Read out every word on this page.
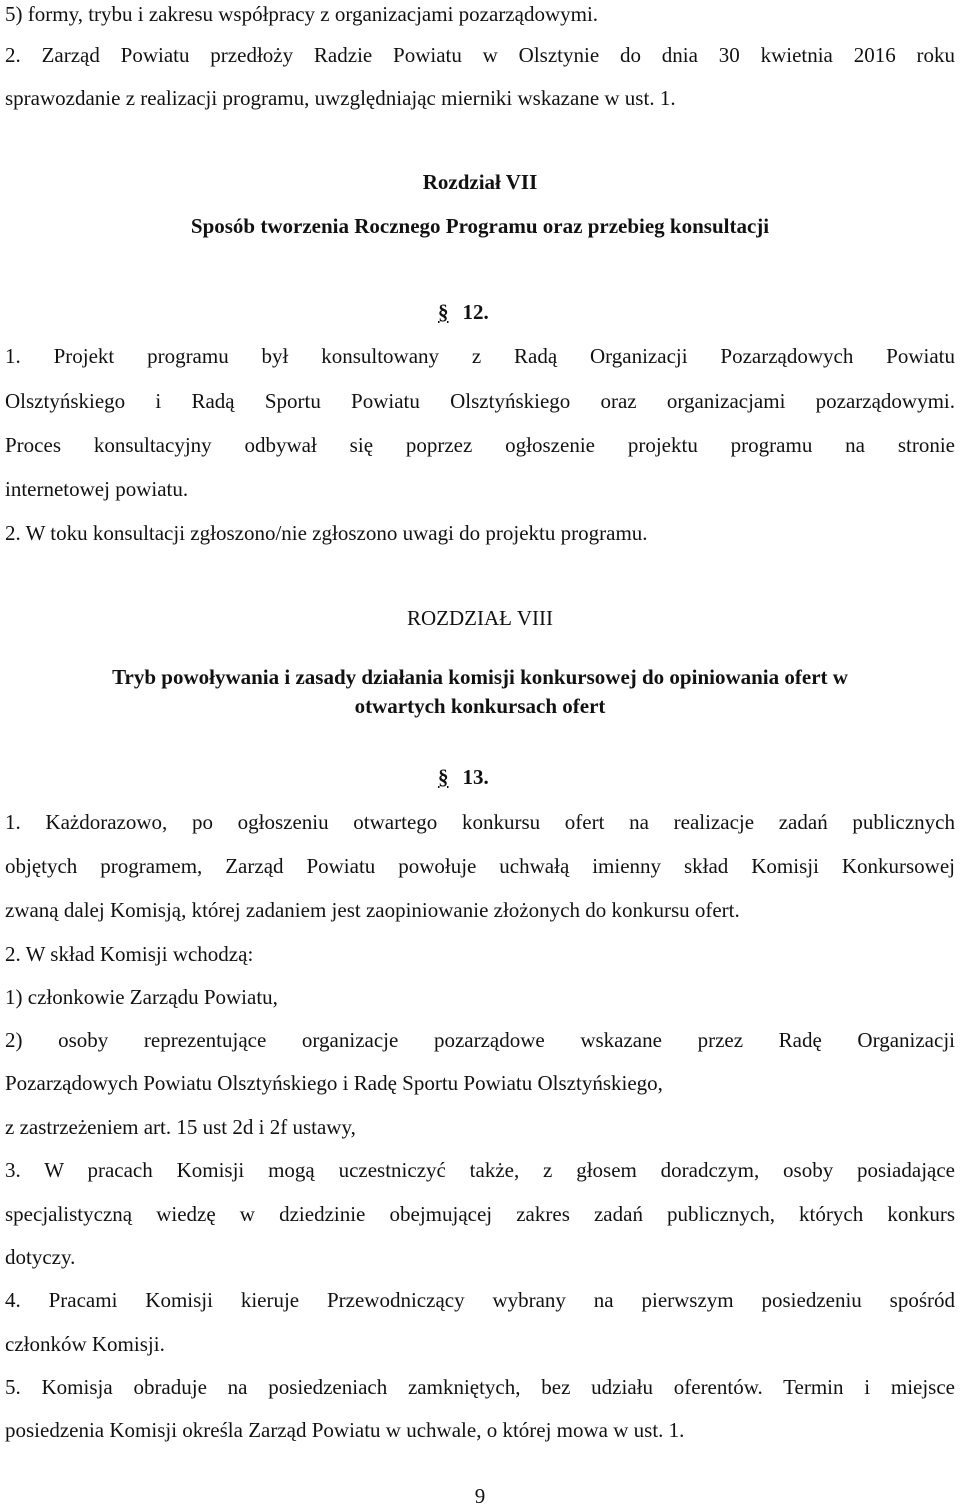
5) formy, trybu i zakresu współpracy z organizacjami pozarządowymi.
2. Zarząd Powiatu przedłoży Radzie Powiatu w Olsztynie do dnia 30 kwietnia 2016 roku
sprawozdanie z realizacji programu, uwzględniając mierniki wskazane w ust. 1.
Rozdział VII
Sposób tworzenia Rocznego Programu oraz przebieg konsultacji
§ 12.
1. Projekt programu był konsultowany z Radą Organizacji Pozarządowych Powiatu
Olsztyńskiego i Radą Sportu Powiatu Olsztyńskiego oraz organizacjami pozarządowymi.
Proces konsultacyjny odbywał się poprzez ogłoszenie projektu programu na stronie
internetowej powiatu.
2. W toku konsultacji zgłoszono/nie zgłoszono uwagi do projektu programu.
ROZDZIAŁ VIII
Tryb powoływania i zasady działania komisji konkursowej do opiniowania ofert w
otwartych konkursach ofert
§ 13.
1. Każdorazowo, po ogłoszeniu otwartego konkursu ofert na realizacje zadań publicznych
objętych programem, Zarząd Powiatu powołuje uchwałą imienny skład Komisji Konkursowej
zwaną dalej Komisją, której zadaniem jest zaopiniowanie złożonych do konkursu ofert.
2. W skład Komisji wchodzą:
1) członkowie Zarządu Powiatu,
2) osoby reprezentujące organizacje pozarządowe wskazane przez Radę Organizacji
Pozarządowych Powiatu Olsztyńskiego i Radę Sportu Powiatu Olsztyńskiego,
z zastrzeżeniem art. 15 ust 2d i 2f ustawy,
3. W pracach Komisji mogą uczestniczyć także, z głosem doradczym, osoby posiadające
specjalistyczną wiedzę w dziedzinie obejmującej zakres zadań publicznych, których konkurs
dotyczy.
4. Pracami Komisji kieruje Przewodniczący wybrany na pierwszym posiedzeniu spośród
członków Komisji.
5. Komisja obraduje na posiedzeniach zamkniętych, bez udziału oferentów. Termin i miejsce
posiedzenia Komisji określa Zarząd Powiatu w uchwale, o której mowa w ust. 1.
9
